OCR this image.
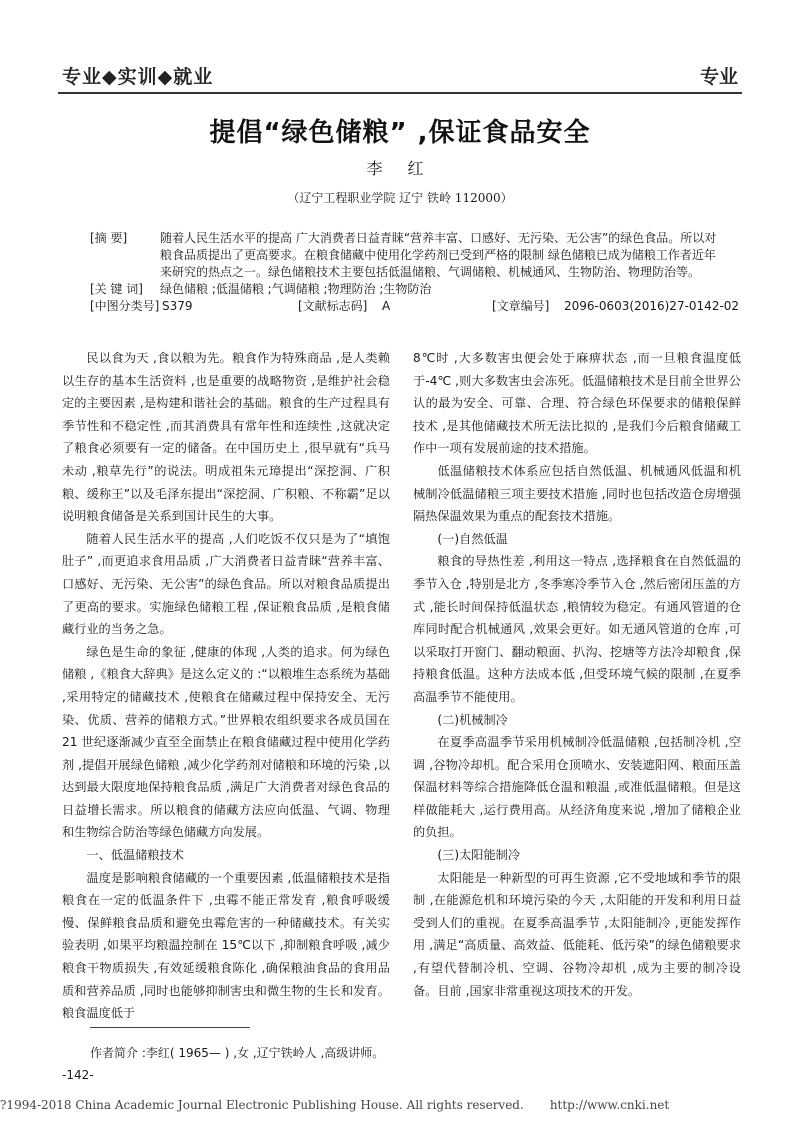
专业◆实训◆就业	专业
提倡“绿色储粮” ,保证食品安全
李 红
（辽宁工程职业学院 辽宁 铁岭 112000）
[摘 要]	随着人民生活水平的提高 广大消费者日益青睐“营养丰富、口感好、无污染、无公害”的绿色食品。所以对粮食品质提出了更高要求。在粮食储藏中使用化学药剂已受到严格的限制 绿色储粮已成为储粮工作者近年来研究的热点之一。绿色储粮技术主要包括低温储粮、气调储粮、机械通风、生物防治、物理防治等。
[关 键 词]	绿色储粮 ;低温储粮 ;气调储粮 ;物理防治 ;生物防治
[中图分类号] S379	[文献标志码] A	[文章编号] 2096-0603(2016)27-0142-02

民以食为天 ,食以粮为先。粮食作为特殊商品 ,是人类赖以生存的基本生活资料 ,也是重要的战略物资 ,是维护社会稳定的主要因素 ,是构建和谐社会的基础。粮食的生产过程具有季节性和不稳定性 ,而其消费具有常年性和连续性 ,这就决定了粮食必须要有一定的储备。在中国历史上 ,很早就有“兵马未动 ,粮草先行”的说法。明成祖朱元璋提出“深挖洞、广积粮、缓称王”以及毛泽东提出“深挖洞、广积粮、不称霸”足以说明粮食储备是关系到国计民生的大事。

随着人民生活水平的提高 ,人们吃饭不仅只是为了“填饱肚子” ,而更追求食用品质 ,广大消费者日益青睐“营养丰富、口感好、无污染、无公害”的绿色食品。所以对粮食品质提出了更高的要求。实施绿色储粮工程 ,保证粮食品质 ,是粮食储藏行业的当务之急。

绿色是生命的象征 ,健康的体现 ,人类的追求。何为绿色储粮 ,《粮食大辞典》是这么定义的 :“以粮堆生态系统为基础 ,采用特定的储藏技术 ,使粮食在储藏过程中保持安全、无污染、优质、营养的储粮方式。”世界粮农组织要求各成员国在 21 世纪逐渐减少直至全面禁止在粮食储藏过程中使用化学药剂 ,提倡开展绿色储粮 ,减少化学药剂对储粮和环境的污染 ,以达到最大限度地保持粮食品质 ,满足广大消费者对绿色食品的日益增长需求。所以粮食的储藏方法应向低温、气调、物理和生物综合防治等绿色储藏方向发展。

一、低温储粮技术

温度是影响粮食储藏的一个重要因素 ,低温储粮技术是指粮食在一定的低温条件下 ,虫霉不能正常发育 ,粮食呼吸缓慢、保鲜粮食品质和避免虫霉危害的一种储藏技术。有关实验表明 ,如果平均粮温控制在 15℃以下 ,抑制粮食呼吸 ,减少粮食干物质损失 ,有效延缓粮食陈化 ,确保粮油食品的食用品质和营养品质 ,同时也能够抑制害虫和微生物的生长和发育。粮食温度低于

8℃时 ,大多数害虫便会处于麻痹状态 ,而一旦粮食温度低于-4℃ ,则大多数害虫会冻死。低温储粮技术是目前全世界公认的最为安全、可靠、合理、符合绿色环保要求的储粮保鲜技术 ,是其他储藏技术所无法比拟的 ,是我们今后粮食储藏工作中一项有发展前途的技术措施。

低温储粮技术体系应包括自然低温、机械通风低温和机械制冷低温储粮三项主要技术措施 ,同时也包括改造仓房增强隔热保温效果为重点的配套技术措施。

(一)自然低温

粮食的导热性差 ,利用这一特点 ,选择粮食在自然低温的季节入仓 ,特别是北方 ,冬季寒冷季节入仓 ,然后密闭压盖的方式 ,能长时间保持低温状态 ,粮情较为稳定。有通风管道的仓库同时配合机械通风 ,效果会更好。如无通风管道的仓库 ,可以采取打开窗门、翻动粮面、扒沟、挖塘等方法冷却粮食 ,保持粮食低温。这种方法成本低 ,但受环境气候的限制 ,在夏季高温季节不能使用。

(二)机械制冷

在夏季高温季节采用机械制冷低温储粮 ,包括制冷机 ,空调 ,谷物冷却机。配合采用仓顶喷水、安装遮阳网、粮面压盖保温材料等综合措施降低仓温和粮温 ,或准低温储粮。但是这样做能耗大 ,运行费用高。从经济角度来说 ,增加了储粮企业的负担。

(三)太阳能制冷

太阳能是一种新型的可再生资源 ,它不受地域和季节的限制 ,在能源危机和环境污染的今天 ,太阳能的开发和利用日益受到人们的重视。在夏季高温季节 ,太阳能制冷 ,更能发挥作用 ,满足“高质量、高效益、低能耗、低污染”的绿色储粮要求 ,有望代替制冷机、空调、谷物冷却机 ,成为主要的制冷设备。目前 ,国家非常重视这项技术的开发。

作者简介 :李红( 1965— ) ,女 ,辽宁铁岭人 ,高级讲师。
-142-
?1994-2018 China Academic Journal Electronic Publishing House. All rights reserved. http://www.cnki.net
